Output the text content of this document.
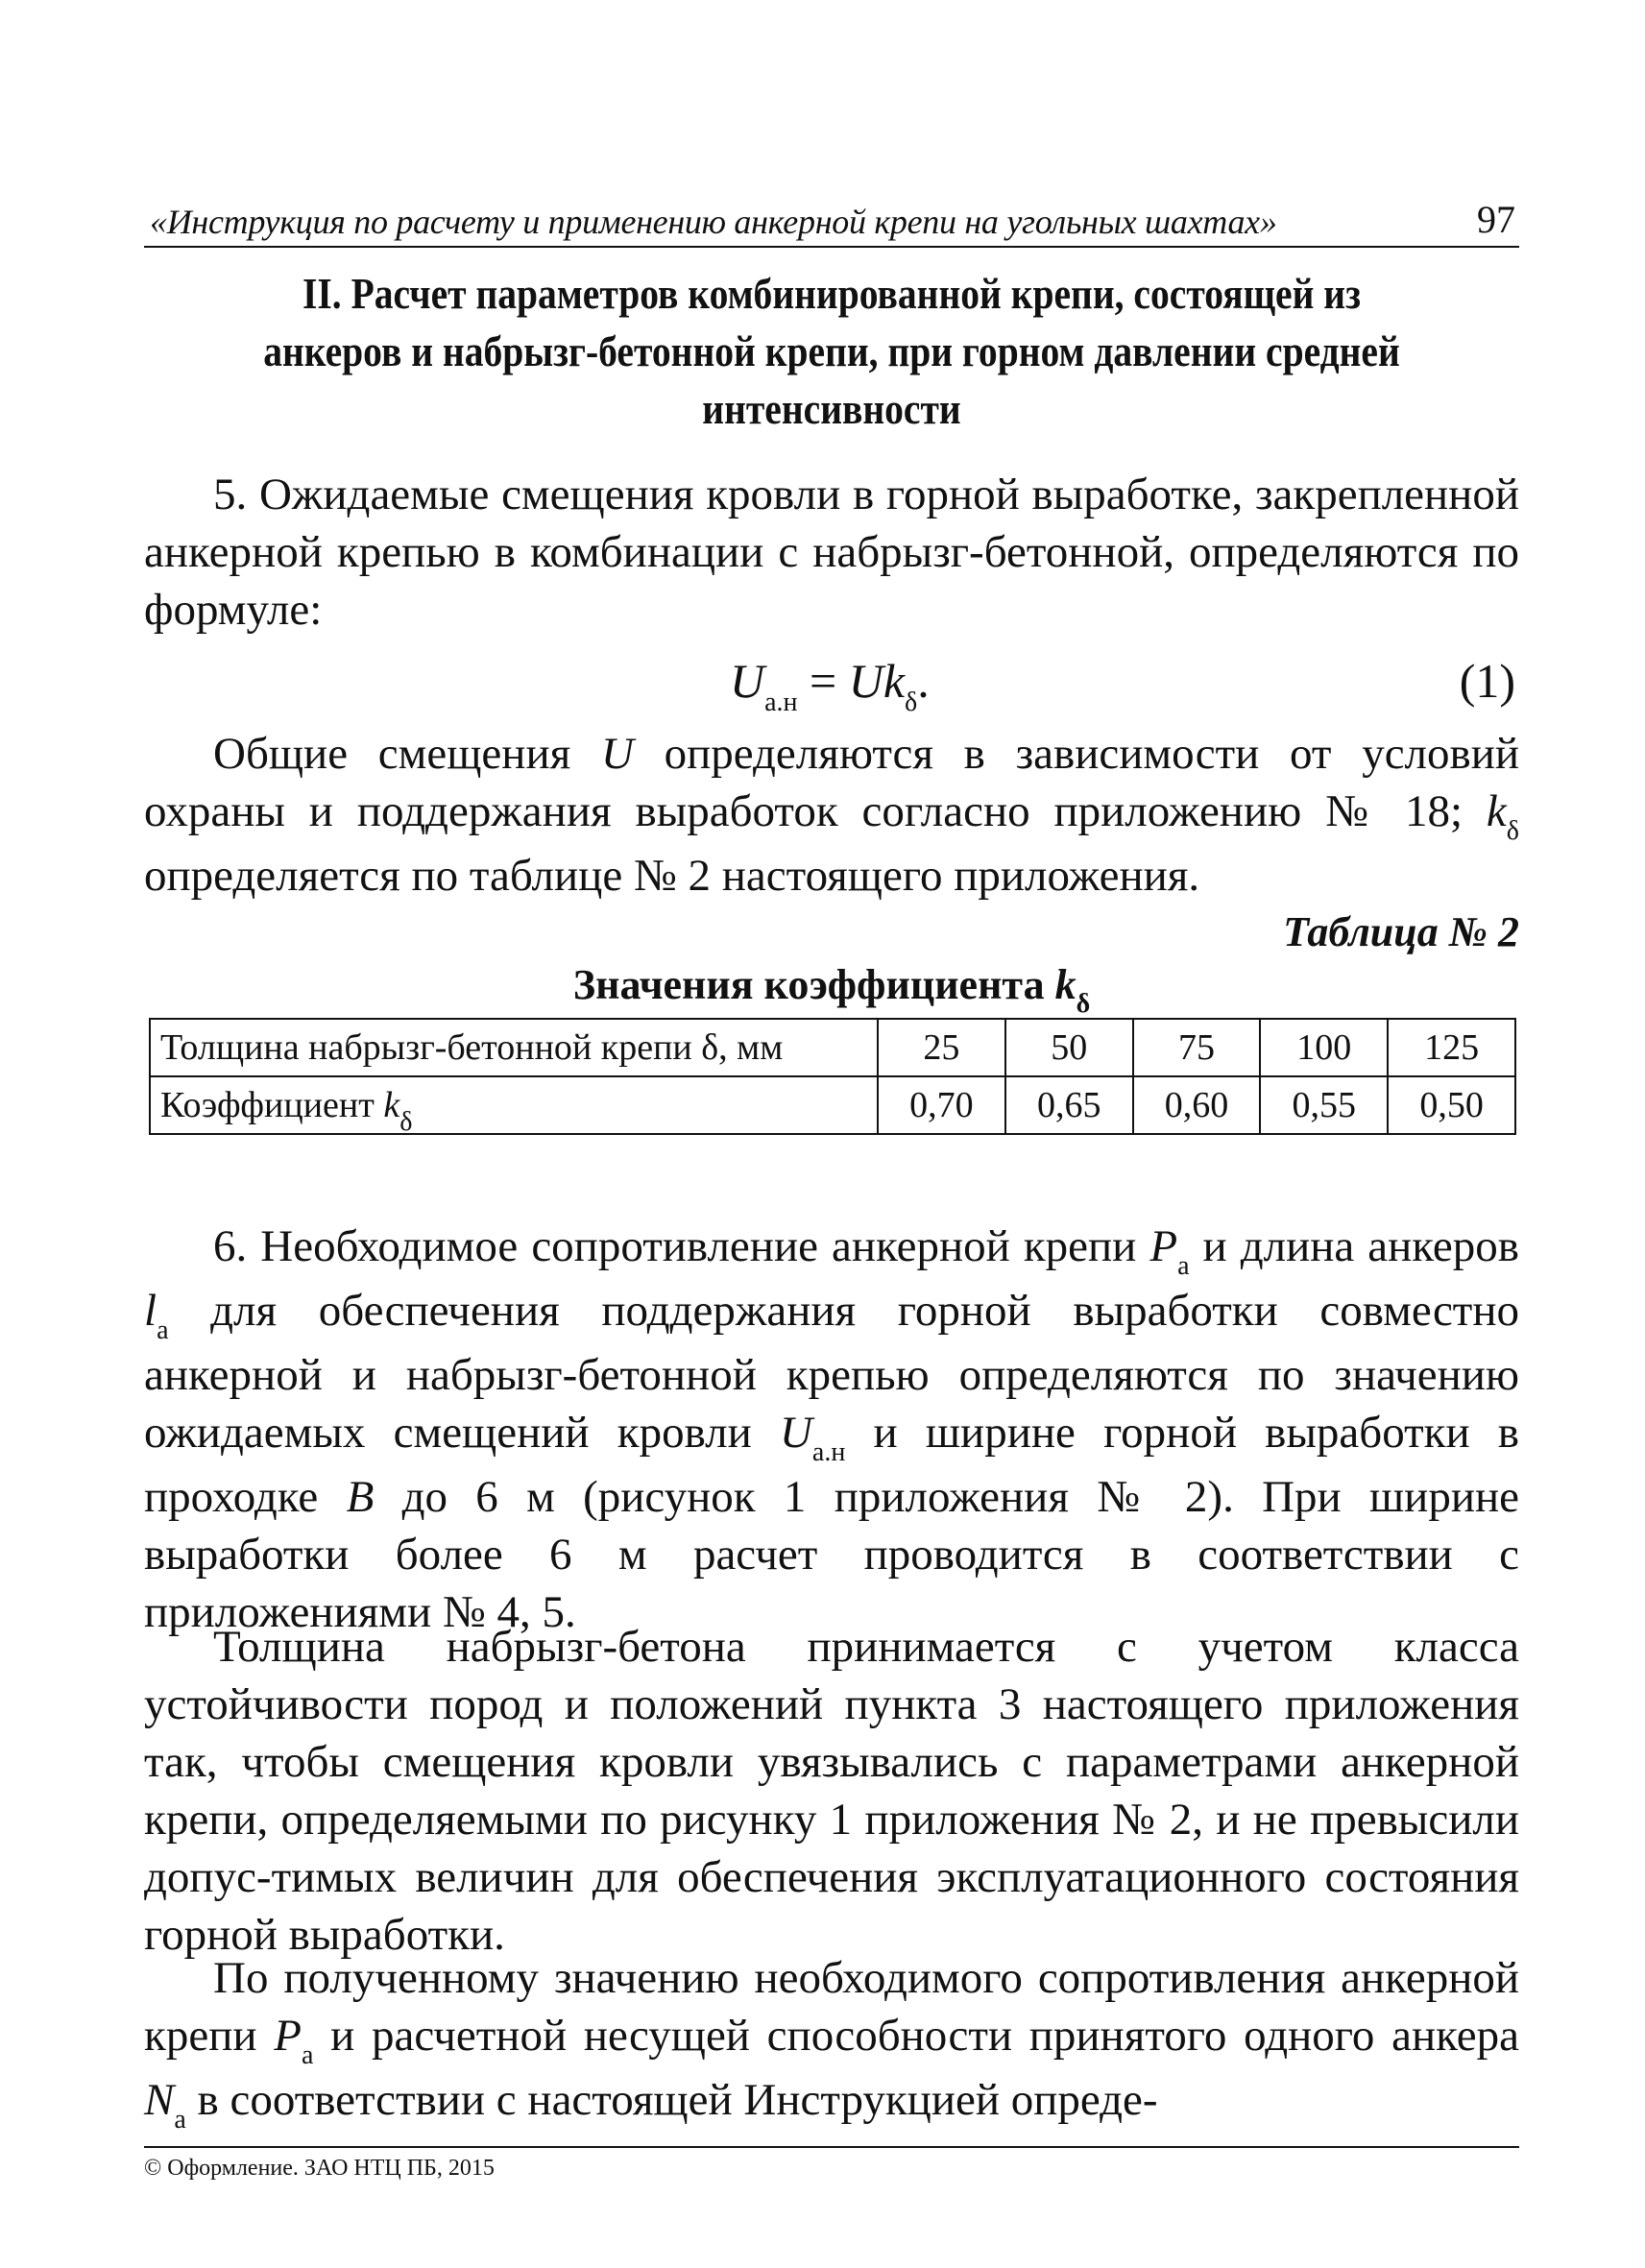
«Инструкция по расчету и применению анкерной крепи на угольных шахтах»	97
II. Расчет параметров комбинированной крепи, состоящей из анкеров и набрызг-бетонной крепи, при горном давлении средней интенсивности

5. Ожидаемые смещения кровли в горной выработке, закрепленной анкерной крепью в комбинации с набрызг-бетонной, определяются по формуле:

$U_{а.н} = Uk_\delta$.	(1)

Общие смещения U определяются в зависимости от условий охраны и поддержания выработок согласно приложению № 18; $k_\delta$ определяется по таблице № 2 настоящего приложения.

Таблица № 2
Значения коэффициента $k_\delta$
Толщина набрызг-бетонной крепи δ, мм	25	50	75	100	125
Коэффициент $k_\delta$	0,70	0,65	0,60	0,55	0,50

6. Необходимое сопротивление анкерной крепи $P_а$ и длина анкеров $l_а$ для обеспечения поддержания горной выработки совместно анкерной и набрызг-бетонной крепью определяются по значению ожидаемых смещений кровли $U_{а.н}$ и ширине горной выработки в проходке B до 6 м (рисунок 1 приложения № 2). При ширине выработки более 6 м расчет проводится в соответствии с приложениями № 4, 5.

Толщина набрызг-бетона принимается с учетом класса устойчивости пород и положений пункта 3 настоящего приложения так, чтобы смещения кровли увязывались с параметрами анкерной крепи, определяемыми по рисунку 1 приложения № 2, и не превысили допус-тимых величин для обеспечения эксплуатационного состояния горной выработки.

По полученному значению необходимого сопротивления анкерной крепи $P_а$ и расчетной несущей способности принятого одного анкера $N_а$ в соответствии с настоящей Инструкцией опреде-

© Оформление. ЗАО НТЦ ПБ, 2015
